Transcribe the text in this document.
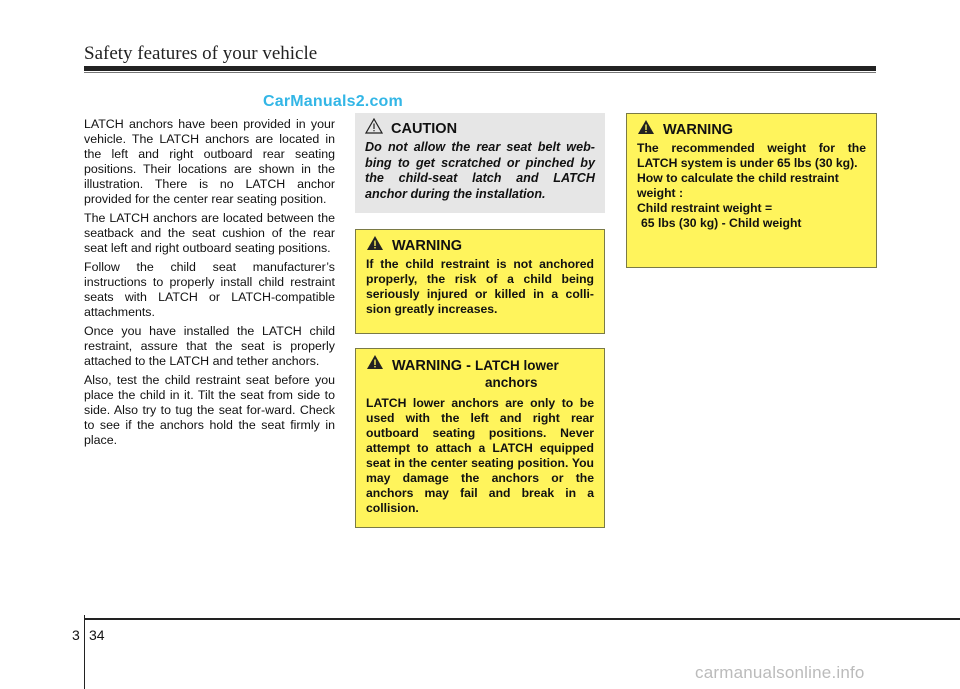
Safety features of your vehicle
CarManuals2.com

LATCH anchors have been provided in your vehicle. The LATCH anchors are located in the left and right outboard rear seating positions. Their locations are shown in the illustration. There is no LATCH anchor provided for the center rear seating position.

The LATCH anchors are located between the seatback and the seat cushion of the rear seat left and right outboard seating positions.

Follow the child seat manufacturer’s instructions to properly install child restraint seats with LATCH or LATCH-compatible attachments.

Once you have installed the LATCH child restraint, assure that the seat is properly attached to the LATCH and tether anchors.

Also, test the child restraint seat before you place the child in it. Tilt the seat from side to side. Also try to tug the seat for-ward. Check to see if the anchors hold the seat firmly in place.

CAUTION

Do not allow the rear seat belt web-bing to get scratched or pinched by the child-seat latch and LATCH anchor during the installation.

WARNING

If the child restraint is not anchored properly, the risk of a child being seriously injured or killed in a colli-sion greatly increases.

WARNING - LATCH lower
anchors

LATCH lower anchors are only to be used with the left and right rear outboard seating positions. Never attempt to attach a LATCH equipped seat in the center seating position. You may damage the anchors or the anchors may fail and break in a collision.

WARNING

The recommended weight for the LATCH system is under 65 lbs (30 kg).

How to calculate the child restraint weight :

Child restraint weight =

65 lbs (30 kg) - Child weight

3 34
carmanualsonline.info
